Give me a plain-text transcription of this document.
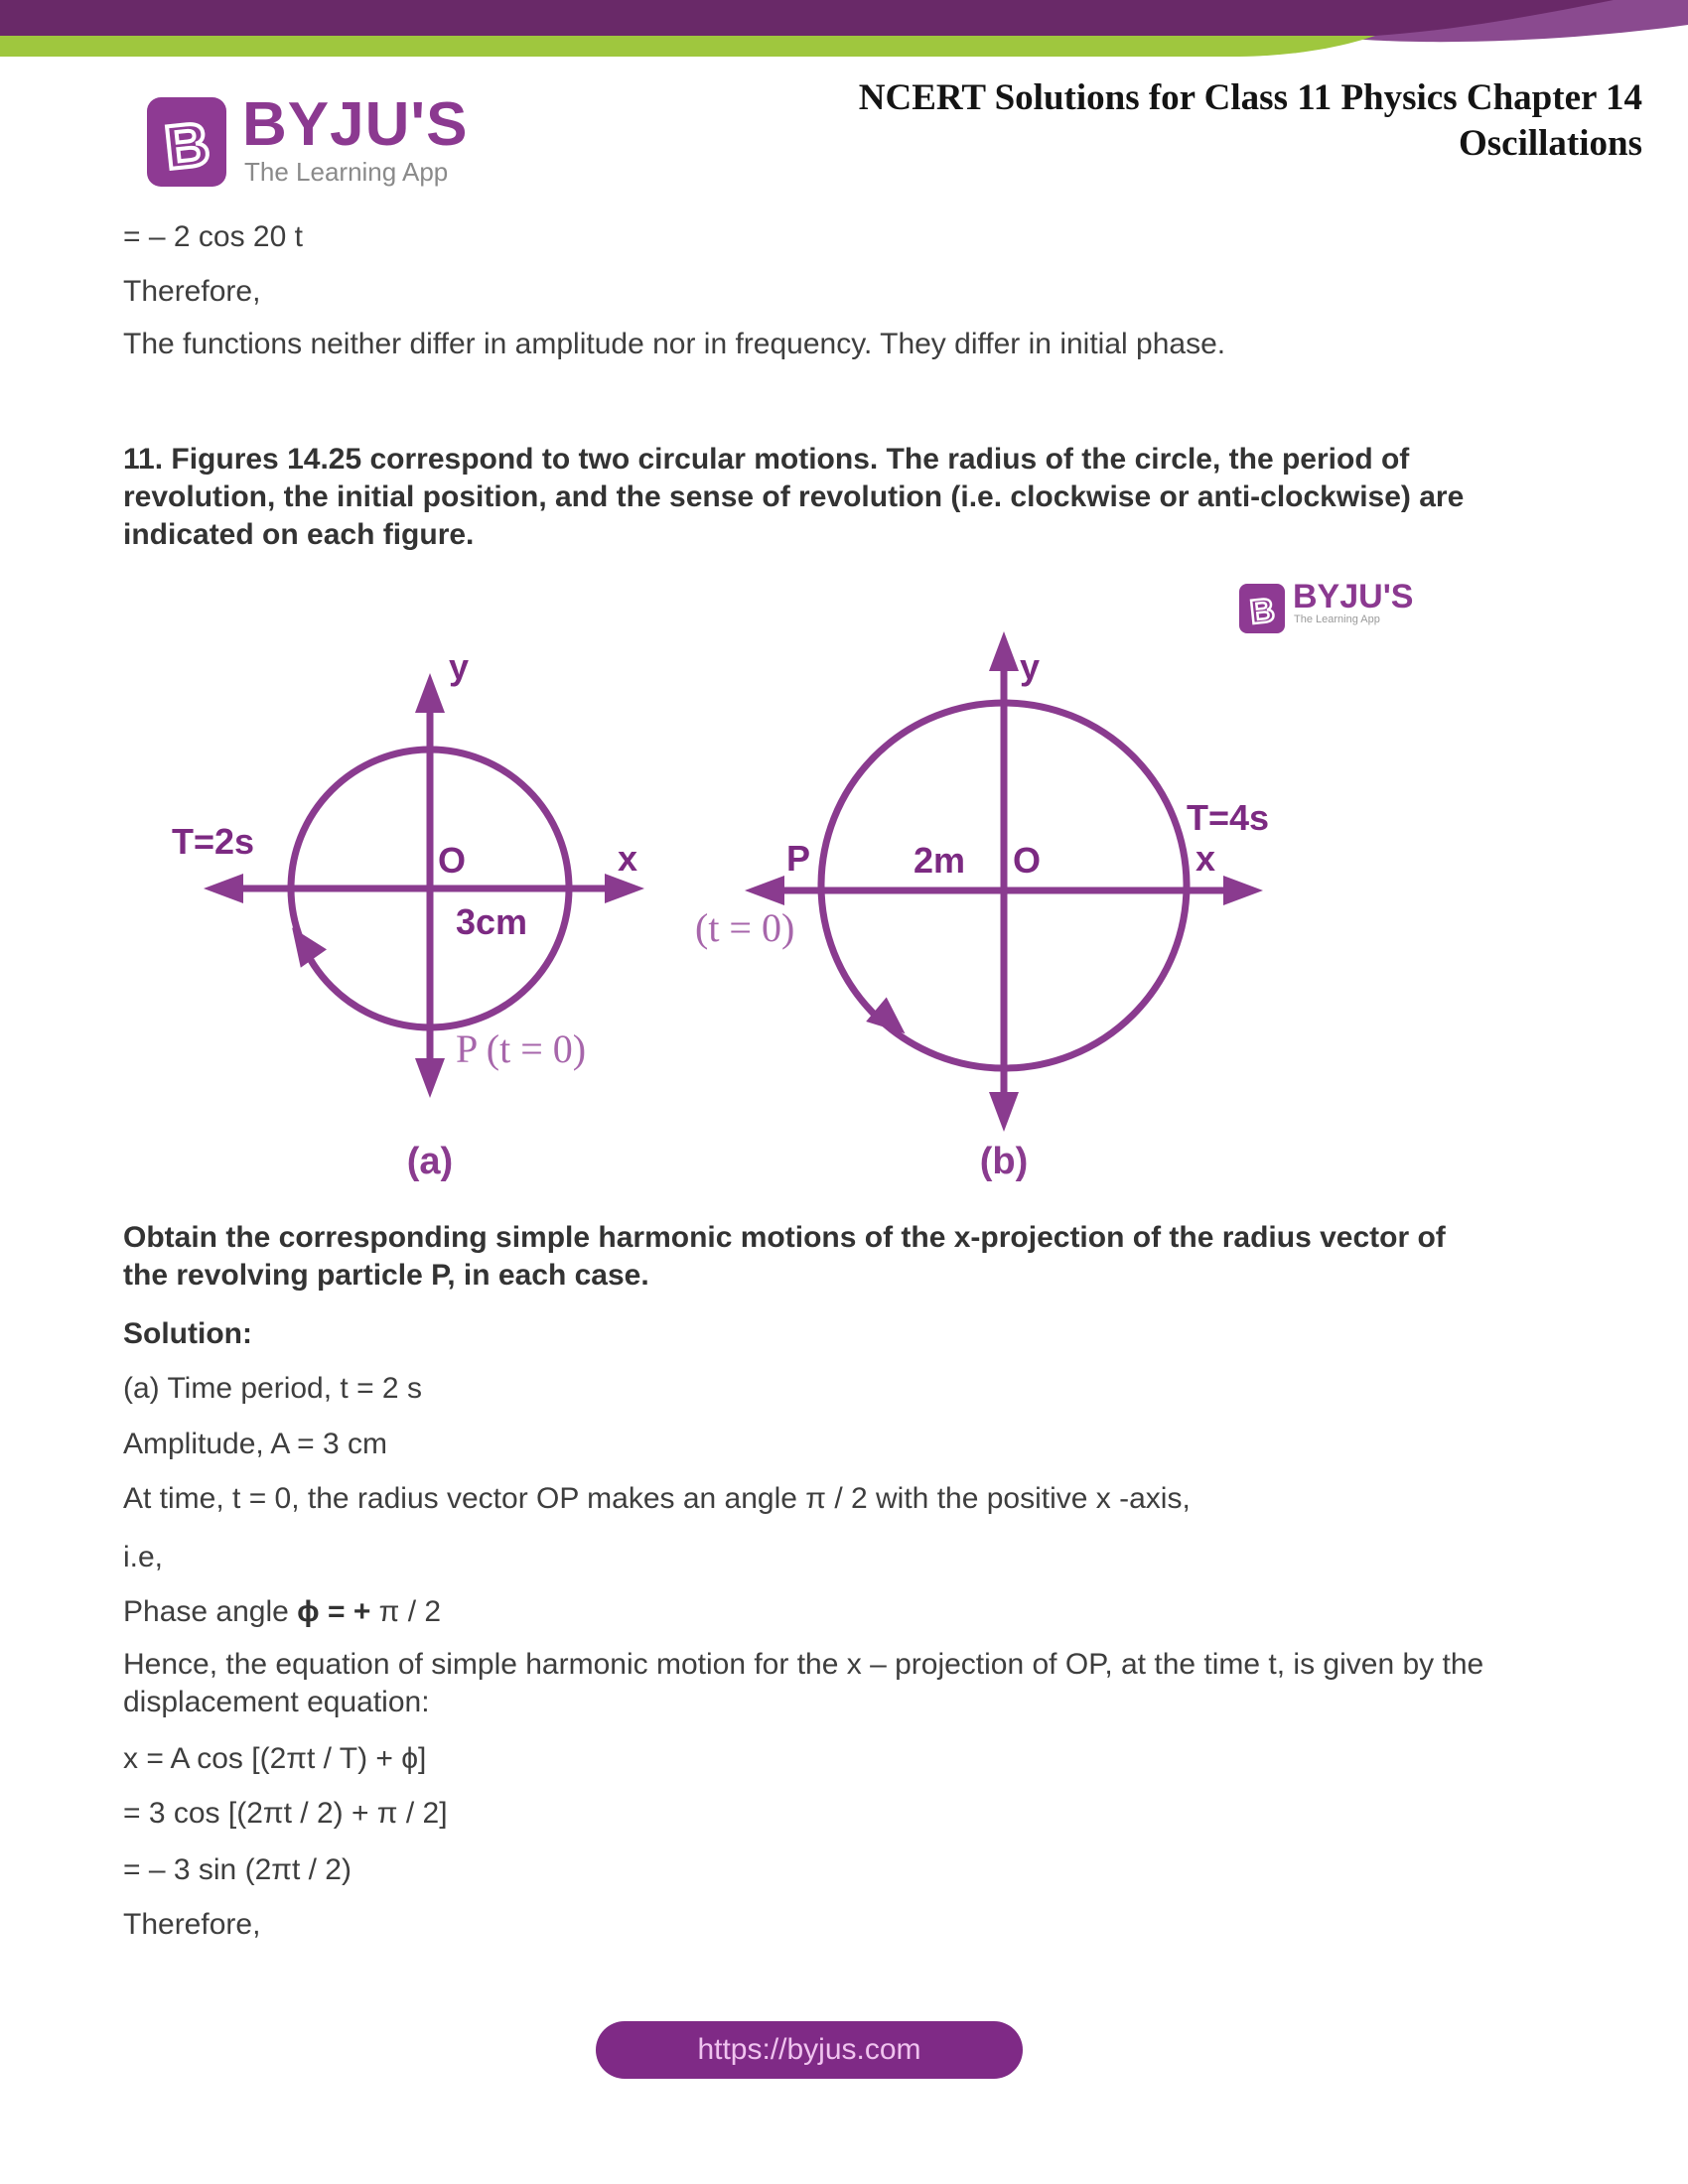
B BYJU'S
The Learning App
NCERT Solutions for Class 11 Physics Chapter 14
Oscillations
= – 2 cos 20 t
Therefore,
The functions neither differ in amplitude nor in frequency. They differ in initial phase.
11. Figures 14.25 correspond to two circular motions. The radius of the circle, the period of
revolution, the initial position, and the sense of revolution (i.e. clockwise or anti-clockwise) are
indicated on each figure.
y
x
T=2s	O
3cm
(a)
P (t = 0)
y
x
T=4s
P	2m O
(b)
(t = 0)
B BYJU'S
The Learning App
Obtain the corresponding simple harmonic motions of the x-projection of the radius vector of
the revolving particle P, in each case.
Solution:
(a) Time period, t = 2 s
Amplitude, A = 3 cm
At time, t = 0, the radius vector OP makes an angle π / 2 with the positive x -axis,
i.e,
Phase angle ϕ = + π / 2
Hence, the equation of simple harmonic motion for the x – projection of OP, at the time t, is given by the
displacement equation:
x = A cos [(2πt / T) + ϕ]
= 3 cos [(2πt / 2) + π / 2]
= – 3 sin (2πt / 2)
Therefore,
https://byjus.com
